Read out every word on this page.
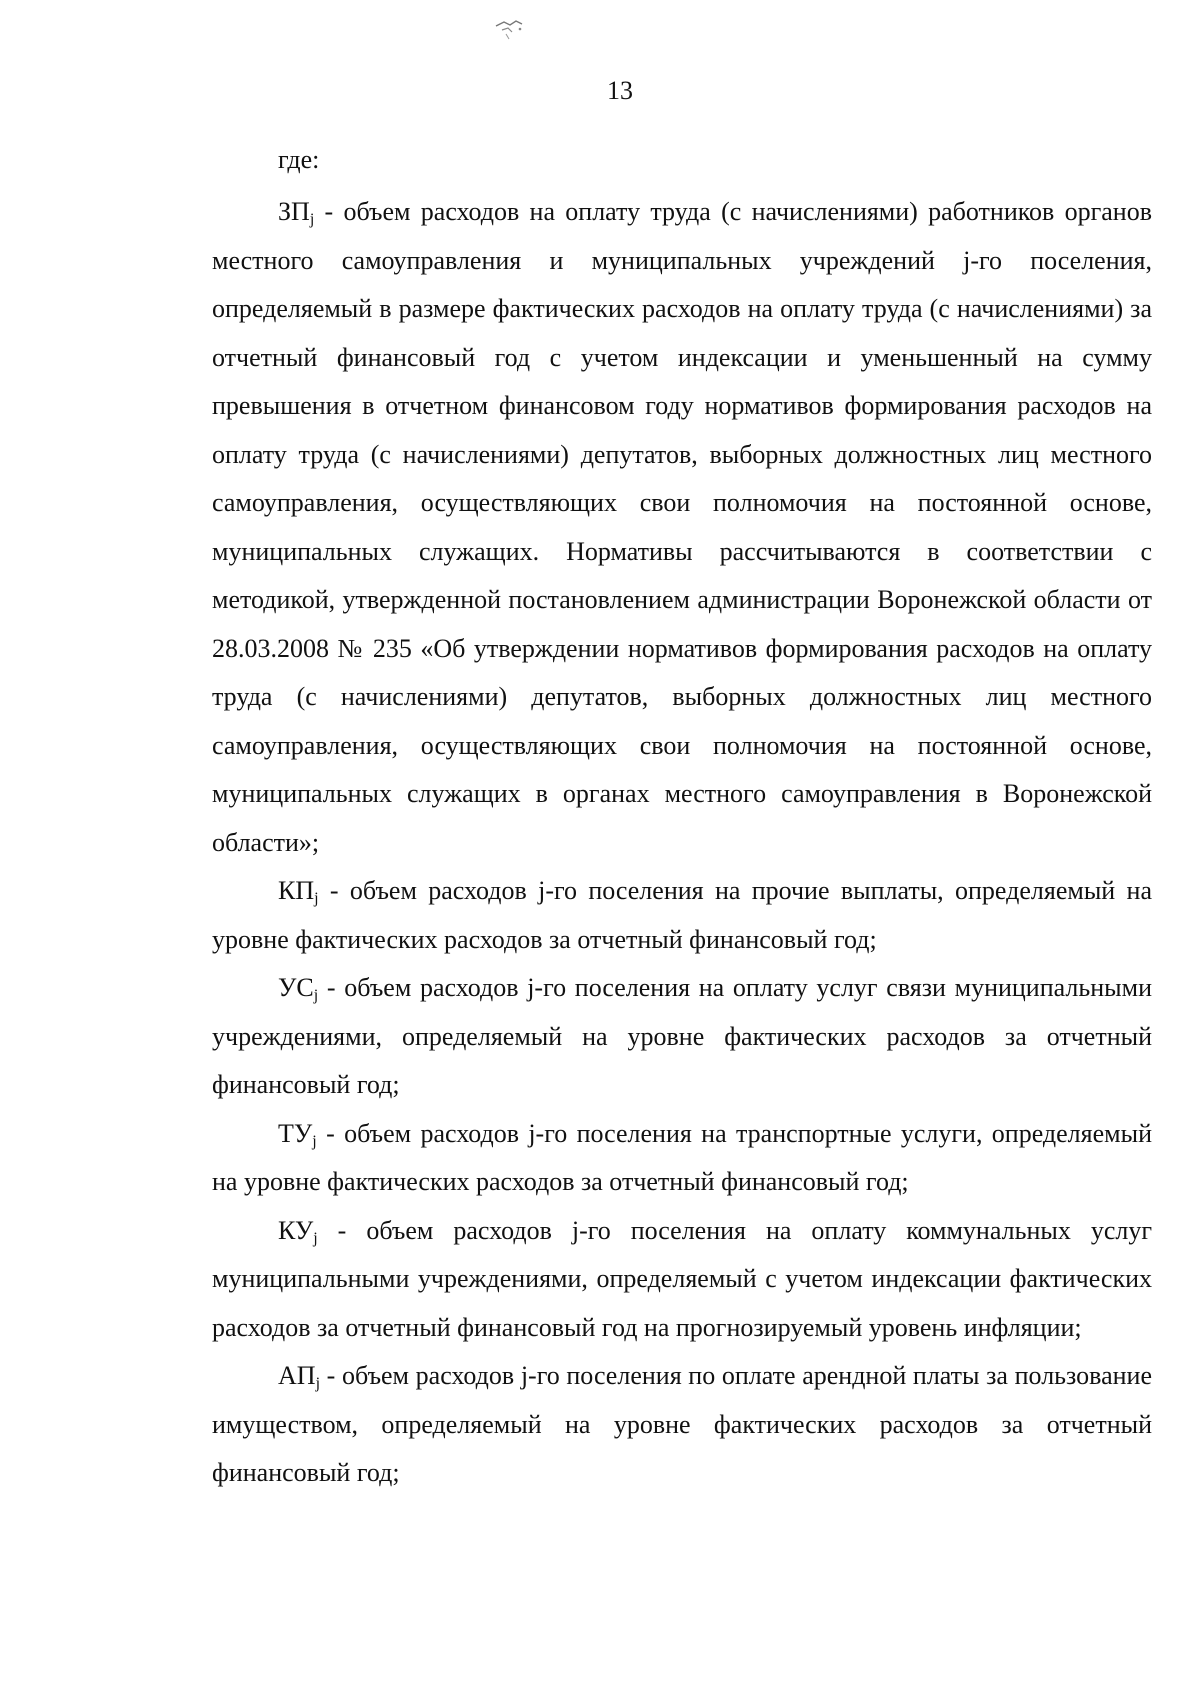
13

где:

$ЗП_j$ - объем расходов на оплату труда (с начислениями) работников органов местного самоуправления и муниципальных учреждений j-го поселения, определяемый в размере фактических расходов на оплату труда (с начислениями) за отчетный финансовый год с учетом индексации и уменьшенный на сумму превышения в отчетном финансовом году нормативов формирования расходов на оплату труда (с начислениями) депутатов, выборных должностных лиц местного самоуправления, осуществляющих свои полномочия на постоянной основе, муниципальных служащих. Нормативы рассчитываются в соответствии с методикой, утвержденной постановлением администрации Воронежской области от 28.03.2008 № 235 «Об утверждении нормативов формирования расходов на оплату труда (с начислениями) депутатов, выборных должностных лиц местного самоуправления, осуществляющих свои полномочия на постоянной основе, муниципальных служащих в органах местного самоуправления в Воронежской области»;

$КП_j$ - объем расходов j-го поселения на прочие выплаты, определяемый на уровне фактических расходов за отчетный финансовый год;

$УС_j$ - объем расходов j-го поселения на оплату услуг связи муниципальными учреждениями, определяемый на уровне фактических расходов за отчетный финансовый год;

$ТУ_j$ - объем расходов j-го поселения на транспортные услуги, определяемый на уровне фактических расходов за отчетный финансовый год;

$КУ_j$ - объем расходов j-го поселения на оплату коммунальных услуг муниципальными учреждениями, определяемый с учетом индексации фактических расходов за отчетный финансовый год на прогнозируемый уровень инфляции;

$АП_j$ - объем расходов j-го поселения по оплате арендной платы за пользование имуществом, определяемый на уровне фактических расходов за отчетный финансовый год;
